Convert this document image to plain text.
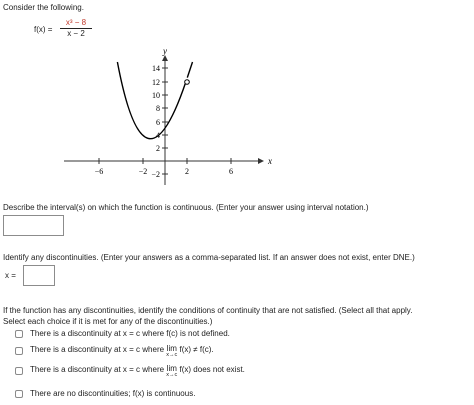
Consider the following.
$f(x) = \frac{\text{x³ − 8}}{x - 2}$
−6	−2	2	6
14
12
10
8
6
4
2
−2
x
y
Describe the interval(s) on which the function is continuous. (Enter your answer using interval notation.)
Identify any discontinuities. (Enter your answers as a comma-separated list. If an answer does not exist, enter DNE.)
x =
If the function has any discontinuities, identify the conditions of continuity that are not satisfied. (Select all that apply.
Select each choice if it is met for any of the discontinuities.)
There is a discontinuity at x = c where f(c) is not defined.
There is a discontinuity at x = c where lim
x→c
f(x) ≠ f(c).
There is a discontinuity at x = c where lim
x→c
f(x) does not exist.
There are no discontinuities; f(x) is continuous.
